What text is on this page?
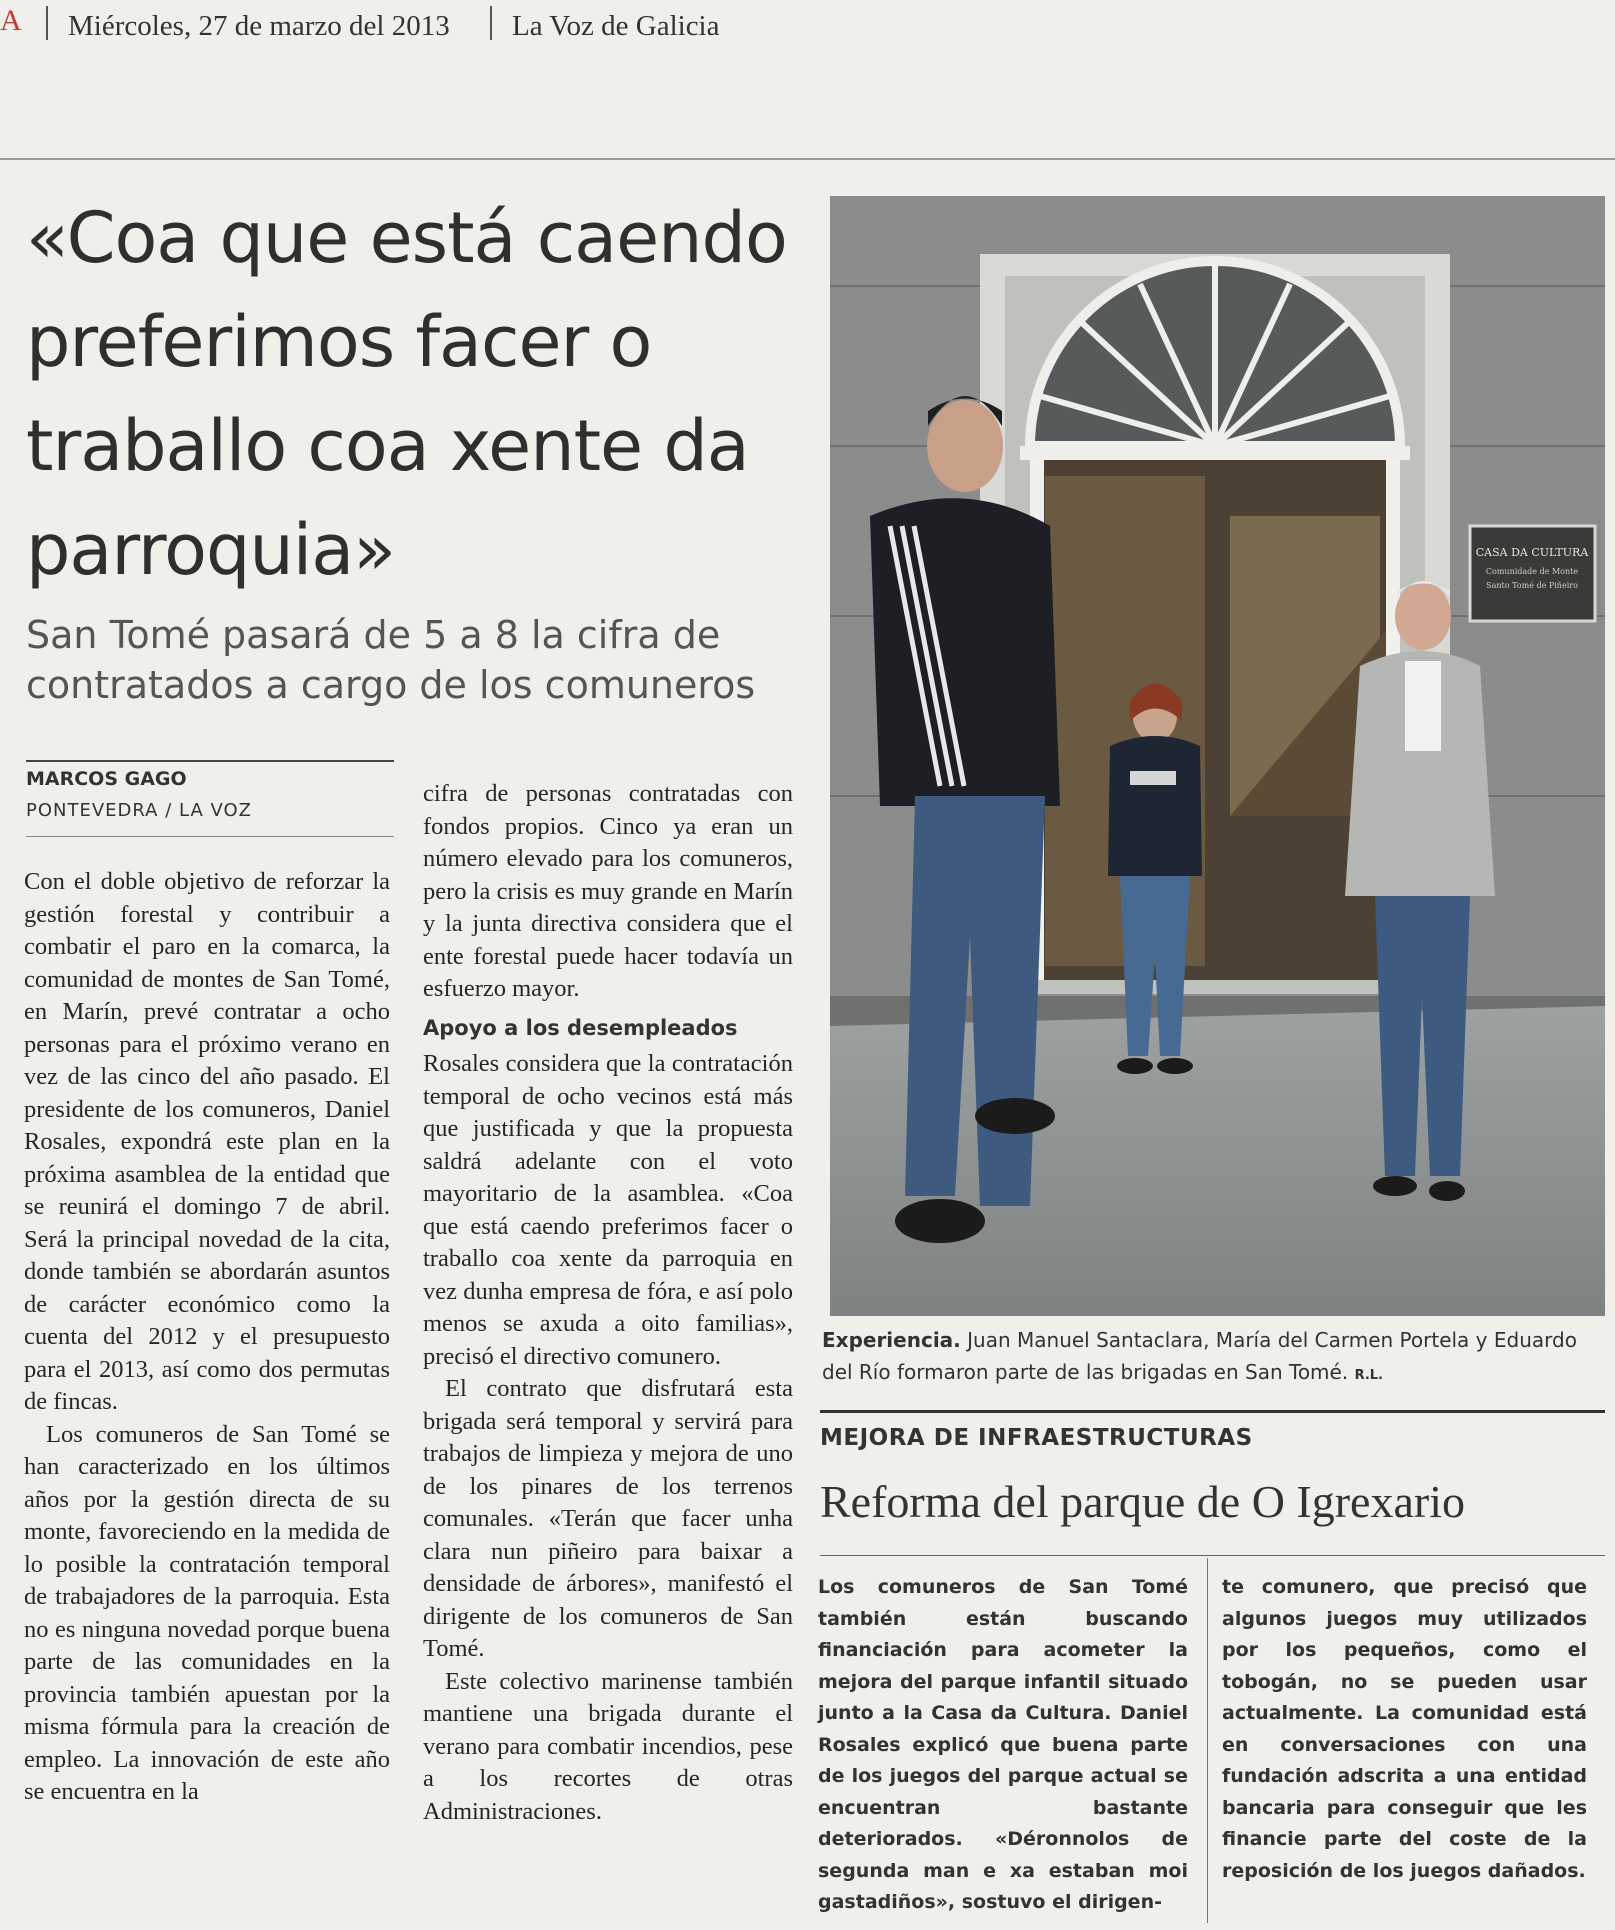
A Miércoles, 27 de marzo del 2013 La Voz de Galicia
«Coa que está caendo preferimos facer o traballo coa xente da parroquia»
San Tomé pasará de 5 a 8 la cifra de contratados a cargo de los comuneros
MARCOS GAGO
PONTEVEDRA / LA VOZ

Con el doble objetivo de reforzar la gestión forestal y contribuir a combatir el paro en la comarca, la comunidad de montes de San Tomé, en Marín, prevé contratar a ocho personas para el próximo verano en vez de las cinco del año pasado. El presidente de los comuneros, Daniel Rosales, expondrá este plan en la próxima asamblea de la entidad que se reunirá el domingo 7 de abril. Será la principal novedad de la cita, donde también se abordarán asuntos de carácter económico como la cuenta del 2012 y el presupuesto para el 2013, así como dos permutas de fincas.

Los comuneros de San Tomé se han caracterizado en los últimos años por la gestión directa de su monte, favoreciendo en la medida de lo posible la contratación temporal de trabajadores de la parroquia. Esta no es ninguna novedad porque buena parte de las comunidades en la provincia también apuestan por la misma fórmula para la creación de empleo. La innovación de este año se encuentra en la

cifra de personas contratadas con fondos propios. Cinco ya eran un número elevado para los comuneros, pero la crisis es muy grande en Marín y la junta directiva considera que el ente forestal puede hacer todavía un esfuerzo mayor.

Apoyo a los desempleados

Rosales considera que la contratación temporal de ocho vecinos está más que justificada y que la propuesta saldrá adelante con el voto mayoritario de la asamblea. «Coa que está caendo preferimos facer o traballo coa xente da parroquia en vez dunha empresa de fóra, e así polo menos se axuda a oito familias», precisó el directivo comunero.

El contrato que disfrutará esta brigada será temporal y servirá para trabajos de limpieza y mejora de uno de los pinares de los terrenos comunales. «Terán que facer unha clara nun piñeiro para baixar a densidade de árbores», manifestó el dirigente de los comuneros de San Tomé.

Este colectivo marinense también mantiene una brigada durante el verano para combatir incendios, pese a los recortes de otras Administraciones.

CASA DA CULTURA
Comunidade de Monte
Santo Tomé de Piñeiro
Experiencia. Juan Manuel Santaclara, María del Carmen Portela y Eduardo del Río formaron parte de las brigadas en San Tomé. R.L.
MEJORA DE INFRAESTRUCTURAS
Reforma del parque de O Igrexario
Los comuneros de San Tomé también están buscando financiación para acometer la mejora del parque infantil situado junto a la Casa da Cultura. Daniel Rosales explicó que buena parte de los juegos del parque actual se encuentran bastante deteriorados. «Déronnolos de segunda man e xa estaban moi gastadiños», sostuvo el dirigen-
te comunero, que precisó que algunos juegos muy utilizados por los pequeños, como el tobogán, no se pueden usar actualmente. La comunidad está en conversaciones con una fundación adscrita a una entidad bancaria para conseguir que les financie parte del coste de la reposición de los juegos dañados.
